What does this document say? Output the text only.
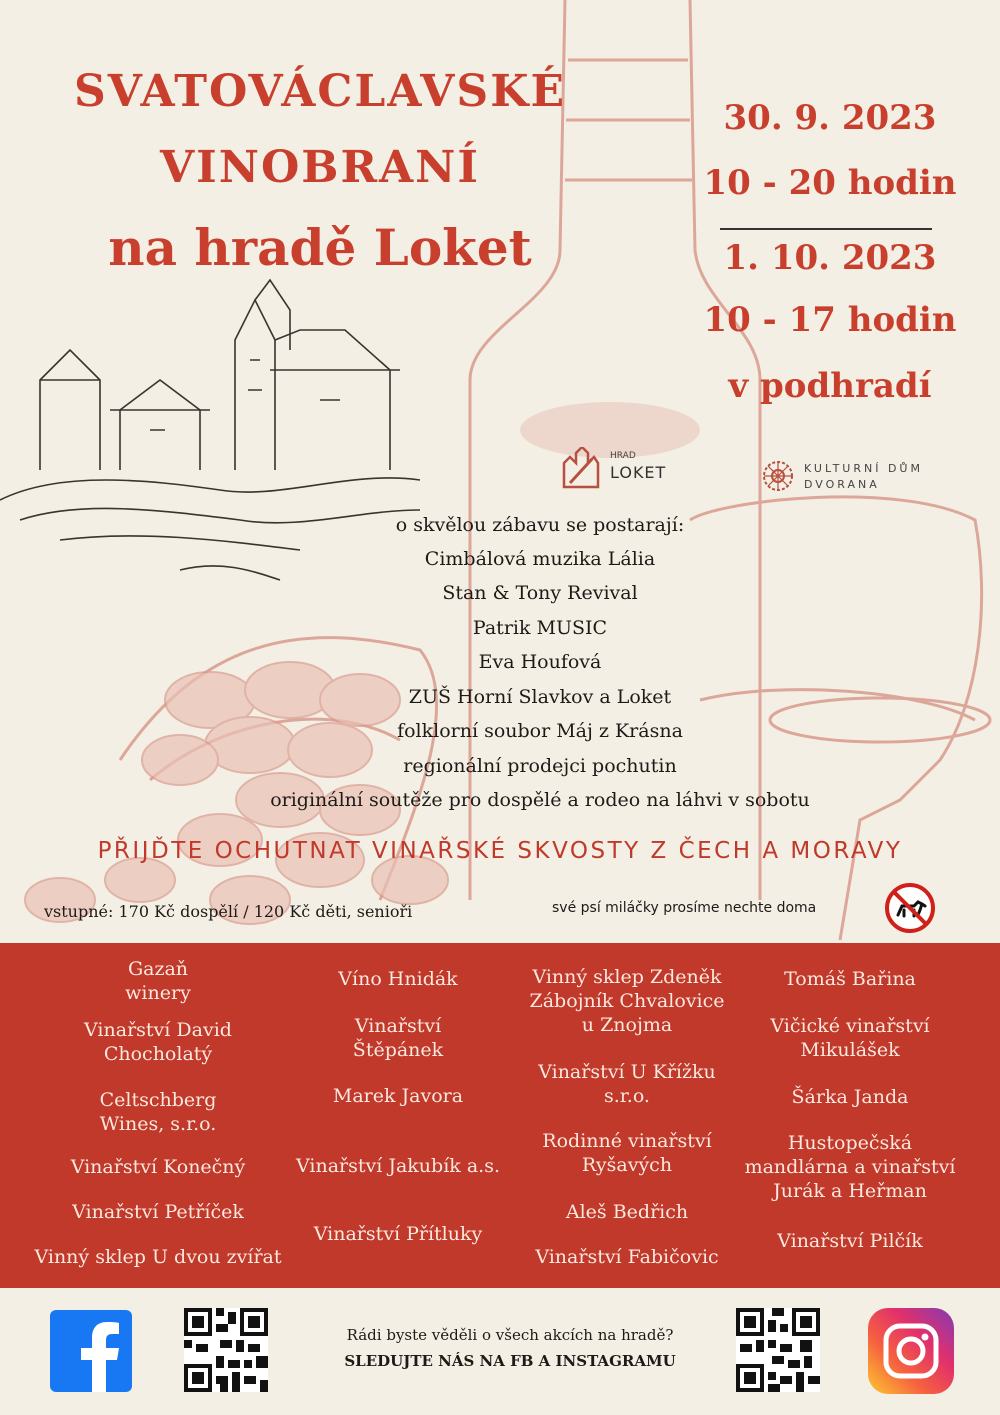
SVATOVÁCLAVSKÉ
VINOBRANÍ
na hradě Loket
30. 9. 2023
10 - 20 hodin
1. 10. 2023
10 - 17 hodin
v podhradí
HRAD
LOKET	KULTURNÍ DŮM
DVORANA
o skvělou zábavu se postarají:
Cimbálová muzika Lália
Stan & Tony Revival
Patrik MUSIC
Eva Houfová
ZUŠ Horní Slavkov a Loket
folklorní soubor Máj z Krásna
regionální prodejci pochutin
originální soutěže pro dospělé a rodeo na láhvi v sobotu
PŘIJĎTE OCHUTNAT VINAŘSKÉ SKVOSTY Z ČECH A MORAVY
vstupné: 170 Kč dospělí / 120 Kč děti, senioři	své psí miláčky prosíme nechte doma
Gazaň
winery
Vinařství David
Chocholatý
Celtschberg
Wines, s.r.o.
Vinařství Konečný
Vinařství Petříček
Vinný sklep U dvou zvířat
Víno Hnidák
Vinařství
Štěpánek
Marek Javora
Vinařství Jakubík a.s.
Vinařství Přítluky
Vinný sklep Zdeněk
Zábojník Chvalovice
u Znojma
Vinařství U Křížku
s.r.o.
Rodinné vinařství
Ryšavých
Aleš Bedřich
Vinařství Fabičovic
Tomáš Bařina
Vičické vinařství
Mikulášek
Šárka Janda
Hustopečská
mandlárna a vinařství
Jurák a Heřman
Vinařství Pilčík
Rádi byste věděli o všech akcích na hradě?
SLEDUJTE NÁS NA FB A INSTAGRAMU
